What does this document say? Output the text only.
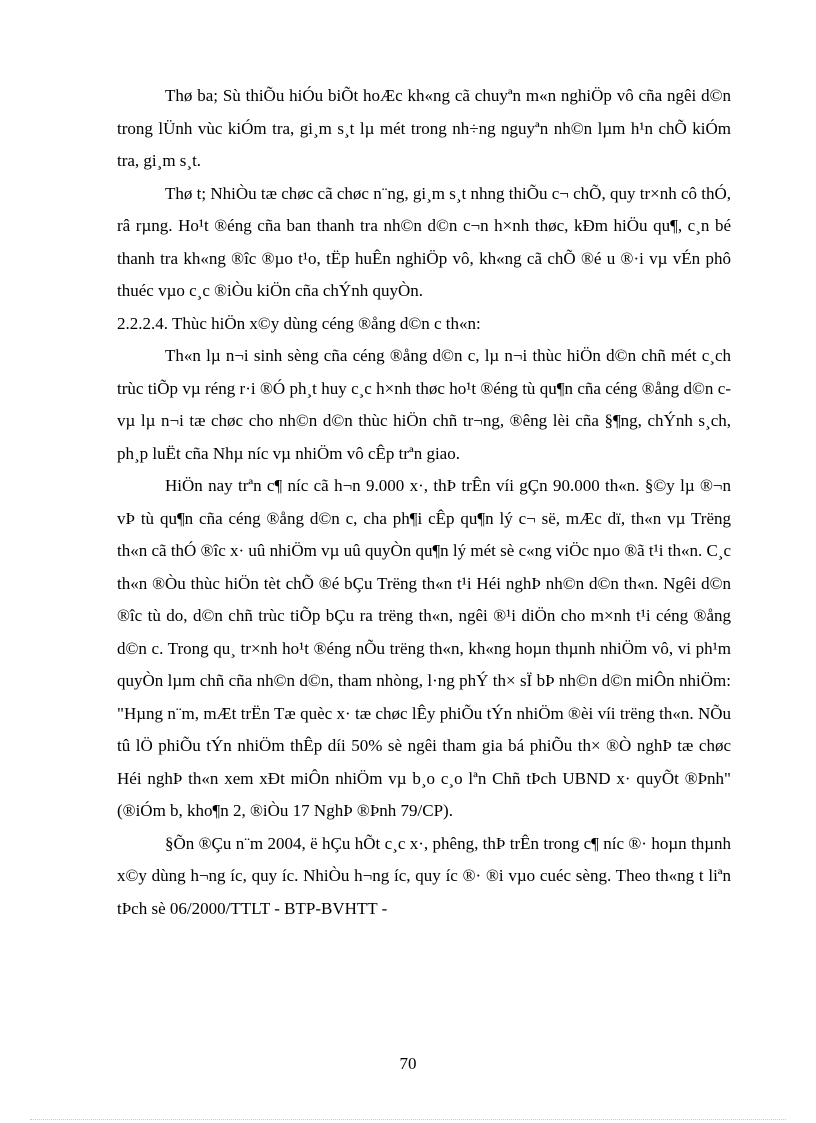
Thø ba; Sù thiÕu hiÓu biÕt hoÆc kh«ng cã chuyªn m«n nghiÖp vô cña ngêi d©n trong lÜnh vùc kiÓm tra, gi¸m s¸t lµ mét trong nh÷ng nguyªn nh©n lµm h¹n chÕ kiÓm tra, gi¸m s¸t.

Thø t; NhiÒu tæ chøc cã chøc n¨ng, gi¸m s¸t nhng thiÕu c¬ chÕ, quy tr×nh cô thÓ, râ rµng. Ho¹t ®éng cña ban thanh tra nh©n d©n c¬n h×nh thøc, kÐm hiÖu qu¶, c¸n bé thanh tra kh«ng ®îc ®µo t¹o, tËp huÊn nghiÖp vô, kh«ng cã chÕ ®é u ®·i vµ vÉn phô thuéc vµo c¸c ®iÒu kiÖn cña chÝnh quyÒn.

2.2.2.4. Thùc hiÖn x©y dùng céng ®ång d©n c th«n:

Th«n lµ n¬i sinh sèng cña céng ®ång d©n c, lµ n¬i thùc hiÖn d©n chñ mét c¸ch trùc tiÕp vµ réng r·i ®Ó ph¸t huy c¸c h×nh thøc ho¹t ®éng tù qu¶n cña céng ®ång d©n c vµ lµ n¬i tæ chøc cho nh©n d©n thùc hiÖn chñ tr¬ng, ®êng lèi cña §¶ng, chÝnh s¸ch, ph¸p luËt cña Nhµ níc vµ nhiÖm vô cÊp trªn giao.

HiÖn nay trªn c¶ níc cã h¬n 9.000 x·, thÞ trÊn víi gÇn 90.000 th«n. §©y lµ ®¬n vÞ tù qu¶n cña céng ®ång d©n c, cha ph¶i cÊp qu¶n lý c¬ së, mÆc dï, th«n vµ Trëng th«n cã thÓ ®îc x· uû nhiÖm vµ uû quyÒn qu¶n lý mét sè c«ng viÖc nµo ®ã t¹i th«n. C¸c th«n ®Òu thùc hiÖn tèt chÕ ®é bÇu Trëng th«n t¹i Héi nghÞ nh©n d©n th«n. Ngêi d©n ®îc tù do, d©n chñ trùc tiÕp bÇu ra trëng th«n, ngêi ®¹i diÖn cho m×nh t¹i céng ®ång d©n c. Trong qu¸ tr×nh ho¹t ®éng nÕu trëng th«n, kh«ng hoµn thµnh nhiÖm vô, vi ph¹m quyÒn lµm chñ cña nh©n d©n, tham nhòng, l·ng phÝ th× sÏ bÞ nh©n d©n miÔn nhiÖm: "Hµng n¨m, mÆt trËn Tæ quèc x· tæ chøc lÊy phiÕu tÝn nhiÖm ®èi víi trëng th«n. NÕu tû lÖ phiÕu tÝn nhiÖm thÊp díi 50% sè ngêi tham gia bá phiÕu th× ®Ò nghÞ tæ chøc Héi nghÞ th«n xem xÐt miÔn nhiÖm vµ b¸o c¸o lªn Chñ tÞch UBND x· quyÕt ®Þnh" (®iÓm b, kho¶n 2, ®iÒu 17 NghÞ ®Þnh 79/CP).

§Õn ®Çu n¨m 2004, ë hÇu hÕt c¸c x·, phêng, thÞ trÊn trong c¶ níc ®· hoµn thµnh x©y dùng h¬ng íc, quy íc. NhiÒu h¬ng íc, quy íc ®· ®i vµo cuéc sèng. Theo th«ng t liªn tÞch sè 06/2000/TTLT - BTP-BVHTT -

70
